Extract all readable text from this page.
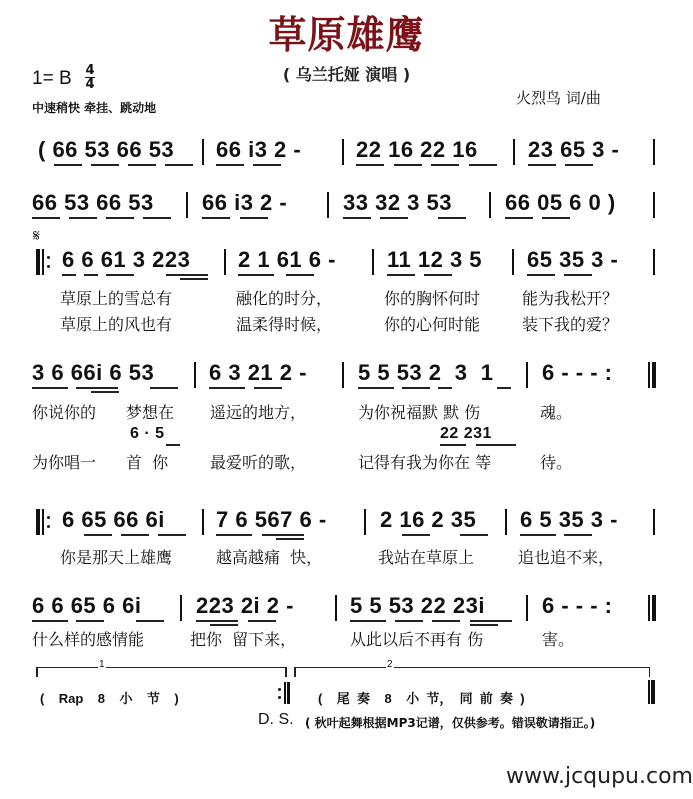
草原雄鹰
( 乌兰托娅 演唱 )
1= B 4
4
中速稍快 牵挂、跳动地
火烈鸟 词/曲
( 66 53 66 53 66 i3 2 - 22 16 22 16 23 65 3 -
66 53 66 53 66 i3 2 -	33 32 3 53 66 05 6 0 )
𝄋
6 6 61 3 223 2 1 61 6 - 11 12 3 5 65 35 3 -
草原上的雪总有	融化的时分，	你的胸怀何时	能为我松开？
草原上的风也有	温柔得时候，	你的心何时能	装下我的爱？
3 6 66i 6 53 6 3 21 2 - 5 5 53 2  3  1 6 - - - :
你说你的 梦想在 遥远的地方，	为你祝福默 默 伤	魂。
6 · 5	22 231
为你唱一 首  你	最爱听的歌，	记得有我为你在 等	待。
6 65 66 6i 7 6 567 6 - 2 16 2 35 6 5 35 3 -
你是那天上雄鹰	越高越痛  快，	我站在草原上	追也追不来，
6 6 65 6 6i 223 2i 2 -	5 5 53 22 23i	6 - - - :
什么样的感情能	把你  留下来，	从此以后不再有 伤	害。
1
(    Rap    8    小    节    )
2
(    尾  奏    8    小  节，  同  前  奏  )
D. S. ( 秋叶起舞根据MP3记谱，仅供参考。错误敬请指正。)
www.jcqupu.com
